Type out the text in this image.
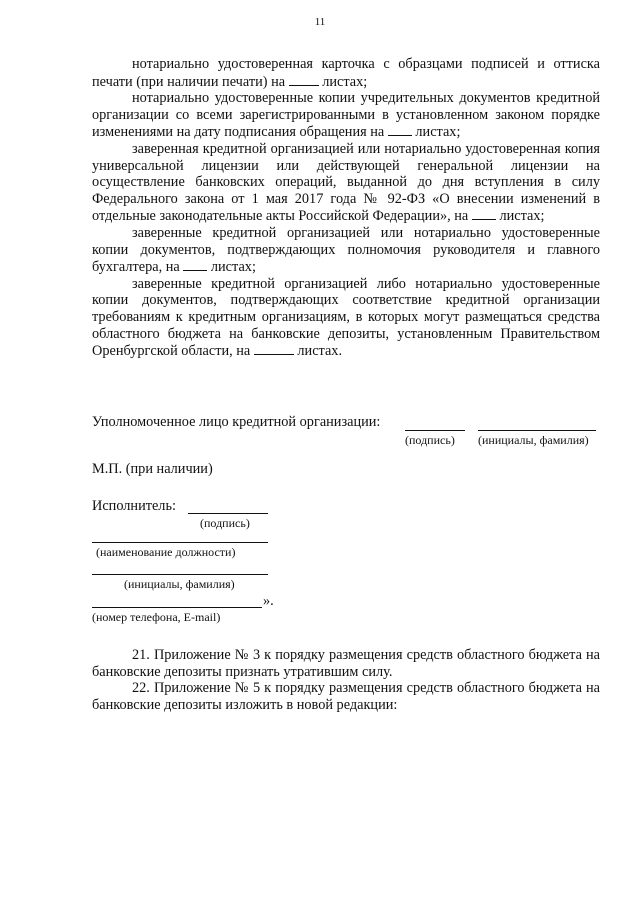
11

нотариально удостоверенная карточка с образцами подписей и оттиска печати (при наличии печати) на	листах;

нотариально удостоверенные копии учредительных документов кредитной организации со всеми зарегистрированными в установленном законом порядке изменениями на дату подписания обращения на листах;

заверенная кредитной организацией или нотариально удостоверенная копия универсальной лицензии или действующей генеральной лицензии на осуществление банковских операций, выданной до дня вступления в силу Федерального закона от 1 мая 2017 года № 92-ФЗ «О внесении изменений в отдельные законодательные акты Российской Федерации», на листах;

заверенные кредитной организацией или нотариально удостоверенные копии документов, подтверждающих полномочия руководителя и главного бухгалтера, на листах;

заверенные кредитной организацией либо нотариально удостоверенные копии документов, подтверждающих соответствие кредитной организации требованиям к кредитным организациям, в которых могут размещаться средства областного бюджета на банковские депозиты, установленным Правительством Оренбургской области, на	листах.

Уполномоченное лицо кредитной организации:
(подпись) (инициалы, фамилия)
М.П. (при наличии)
Исполнитель:
(подпись)
(наименование должности)
(инициалы, фамилия)
».
(номер телефона, E-mail)

21. Приложение № 3 к порядку размещения средств областного бюджета на банковские депозиты признать утратившим силу.

22. Приложение № 5 к порядку размещения средств областного бюджета на банковские депозиты изложить в новой редакции:
